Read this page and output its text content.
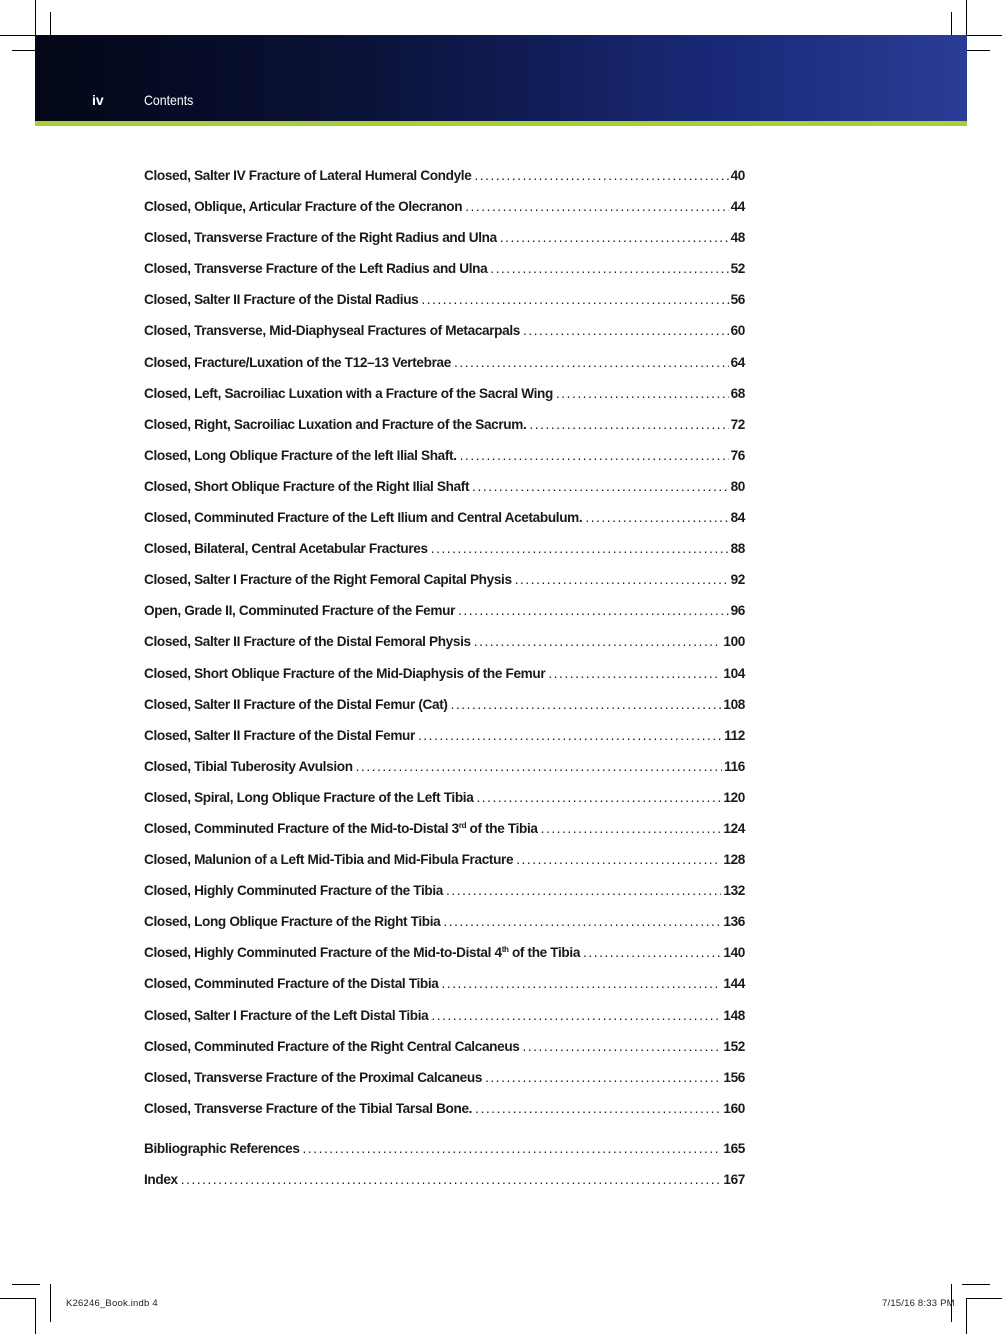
iv	Contents
Closed, Salter IV Fracture of Lateral Humeral Condyle . . .	40
Closed, Oblique, Articular Fracture of the Olecranon . . .	44
Closed, Transverse Fracture of the Right Radius and Ulna . . .	48
Closed, Transverse Fracture of the Left Radius and Ulna . . .	52
Closed, Salter II Fracture of the Distal Radius . . .	56
Closed, Transverse, Mid-Diaphyseal Fractures of Metacarpals . . .	60
Closed, Fracture/Luxation of the T12–13 Vertebrae . . .	64
Closed, Left, Sacroiliac Luxation with a Fracture of the Sacral Wing . . .	68
Closed, Right, Sacroiliac Luxation and Fracture of the Sacrum. . . .	72
Closed, Long Oblique Fracture of the left Ilial Shaft. . . .	76
Closed, Short Oblique Fracture of the Right Ilial Shaft . . .	80
Closed, Comminuted Fracture of the Left Ilium and Central Acetabulum. . . .	84
Closed, Bilateral, Central Acetabular Fractures . . .	88
Closed, Salter I Fracture of the Right Femoral Capital Physis . . .	92
Open, Grade II, Comminuted Fracture of the Femur . . .	96
Closed, Salter II Fracture of the Distal Femoral Physis . . .	100
Closed, Short Oblique Fracture of the Mid-Diaphysis of the Femur . . .	104
Closed, Salter II Fracture of the Distal Femur (Cat) . . .	108
Closed, Salter II Fracture of the Distal Femur . . .	112
Closed, Tibial Tuberosity Avulsion . . .	116
Closed, Spiral, Long Oblique Fracture of the Left Tibia . . .	120
Closed, Comminuted Fracture of the Mid-to-Distal 3rd of the Tibia . . .	124
Closed, Malunion of a Left Mid-Tibia and Mid-Fibula Fracture . . .	128
Closed, Highly Comminuted Fracture of the Tibia . . .	132
Closed, Long Oblique Fracture of the Right Tibia . . .	136
Closed, Highly Comminuted Fracture of the Mid-to-Distal 4th of the Tibia . . .	140
Closed, Comminuted Fracture of the Distal Tibia . . .	144
Closed, Salter I Fracture of the Left Distal Tibia . . .	148
Closed, Comminuted Fracture of the Right Central Calcaneus . . .	152
Closed, Transverse Fracture of the Proximal Calcaneus . . .	156
Closed, Transverse Fracture of the Tibial Tarsal Bone. . . .	160
Bibliographic References . . .	165
Index . . .	167
K26246_Book.indb 4	7/15/16 8:33 PM
